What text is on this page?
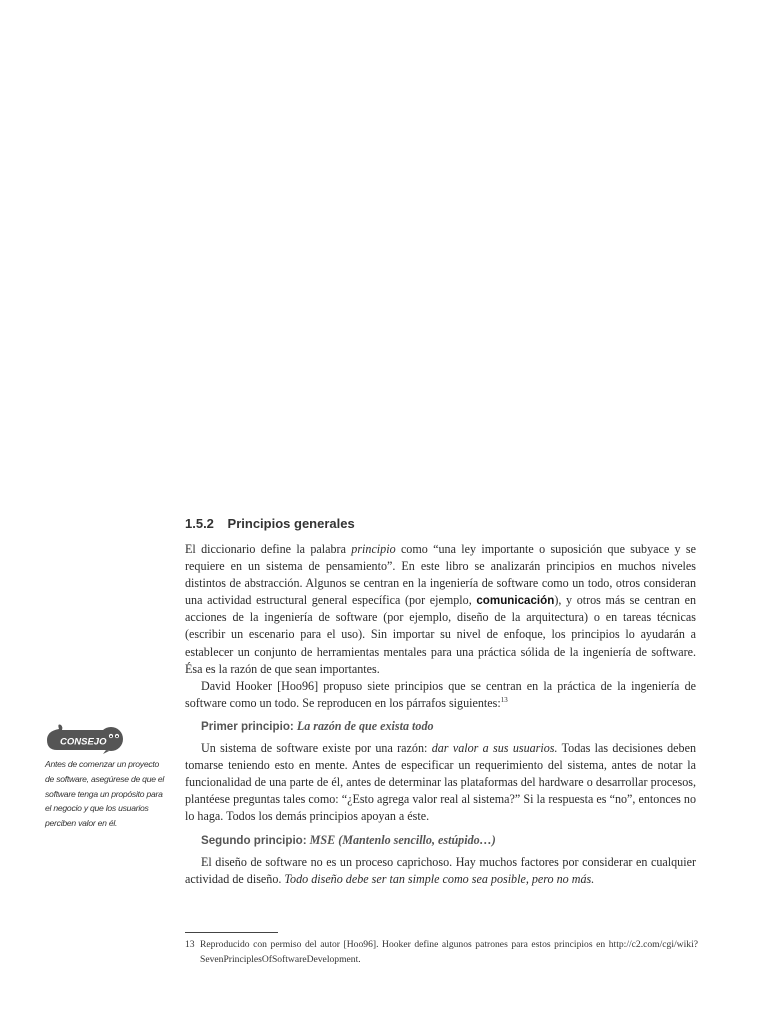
1.5.2 Principios generales

El diccionario define la palabra principio como “una ley importante o suposición que subyace y se requiere en un sistema de pensamiento”. En este libro se analizarán principios en muchos niveles distintos de abstracción. Algunos se centran en la ingeniería de software como un todo, otros consideran una actividad estructural general específica (por ejemplo, comunicación), y otros más se centran en acciones de la ingeniería de software (por ejemplo, diseño de la arquitectura) o en tareas técnicas (escribir un escenario para el uso). Sin importar su nivel de enfoque, los principios lo ayudarán a establecer un conjunto de herramientas mentales para una práctica sólida de la ingeniería de software. Ésa es la razón de que sean importantes.

David Hooker [Hoo96] propuso siete principios que se centran en la práctica de la ingeniería de software como un todo. Se reproducen en los párrafos siguientes:$^{13}$

Primer principio: La razón de que exista todo

Un sistema de software existe por una razón: dar valor a sus usuarios. Todas las decisiones deben tomarse teniendo esto en mente. Antes de especificar un requerimiento del sistema, antes de notar la funcionalidad de una parte de él, antes de determinar las plataformas del hardware o desarrollar procesos, plantéese preguntas tales como: “¿Esto agrega valor real al sistema?” Si la respuesta es “no”, entonces no lo haga. Todos los demás principios apoyan a éste.

Segundo principio: MSE (Mantenlo sencillo, estúpido…)

El diseño de software no es un proceso caprichoso. Hay muchos factores por considerar en cualquier actividad de diseño. Todo diseño debe ser tan simple como sea posible, pero no más.

CONSEJO
Antes de comenzar un proyecto de software, asegúrese de que el software tenga un propósito para el negocio y que los usuarios perciben valor en él.
13 Reproducido con permiso del autor [Hoo96]. Hooker define algunos patrones para estos principios en http://c2.com/cgi/wiki?SevenPrinciplesOfSoftwareDevelopment.
